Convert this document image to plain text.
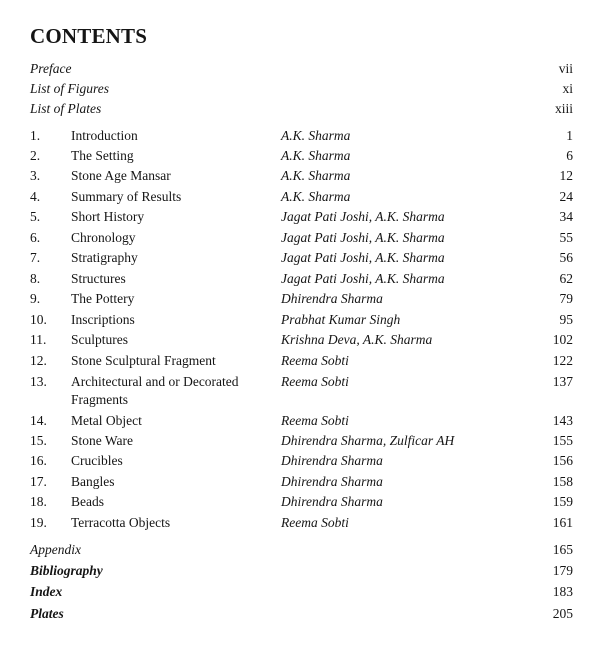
CONTENTS
Preface	vii
List of Figures	xi
List of Plates	xiii
1.	Introduction	A.K. Sharma	1
2.	The Setting	A.K. Sharma	6
3.	Stone Age Mansar	A.K. Sharma	12
4.	Summary of Results	A.K. Sharma	24
5.	Short History	Jagat Pati Joshi, A.K. Sharma	34
6.	Chronology	Jagat Pati Joshi, A.K. Sharma	55
7.	Stratigraphy	Jagat Pati Joshi, A.K. Sharma	56
8.	Structures	Jagat Pati Joshi, A.K. Sharma	62
9.	The Pottery	Dhirendra Sharma	79
10.	Inscriptions	Prabhat Kumar Singh	95
11.	Sculptures	Krishna Deva, A.K. Sharma	102
12.	Stone Sculptural Fragment	Reema Sobti	122
13.	Architectural and or Decorated	Reema Sobti	137
Fragments
14.	Metal Object	Reema Sobti	143
15.	Stone Ware	Dhirendra Sharma, Zulficar AH	155
16.	Crucibles	Dhirendra Sharma	156
17.	Bangles	Dhirendra Sharma	158
18.	Beads	Dhirendra Sharma	159
19.	Terracotta Objects	Reema Sobti	161
Appendix	165
Bibliography	179
Index	183
Plates	205
